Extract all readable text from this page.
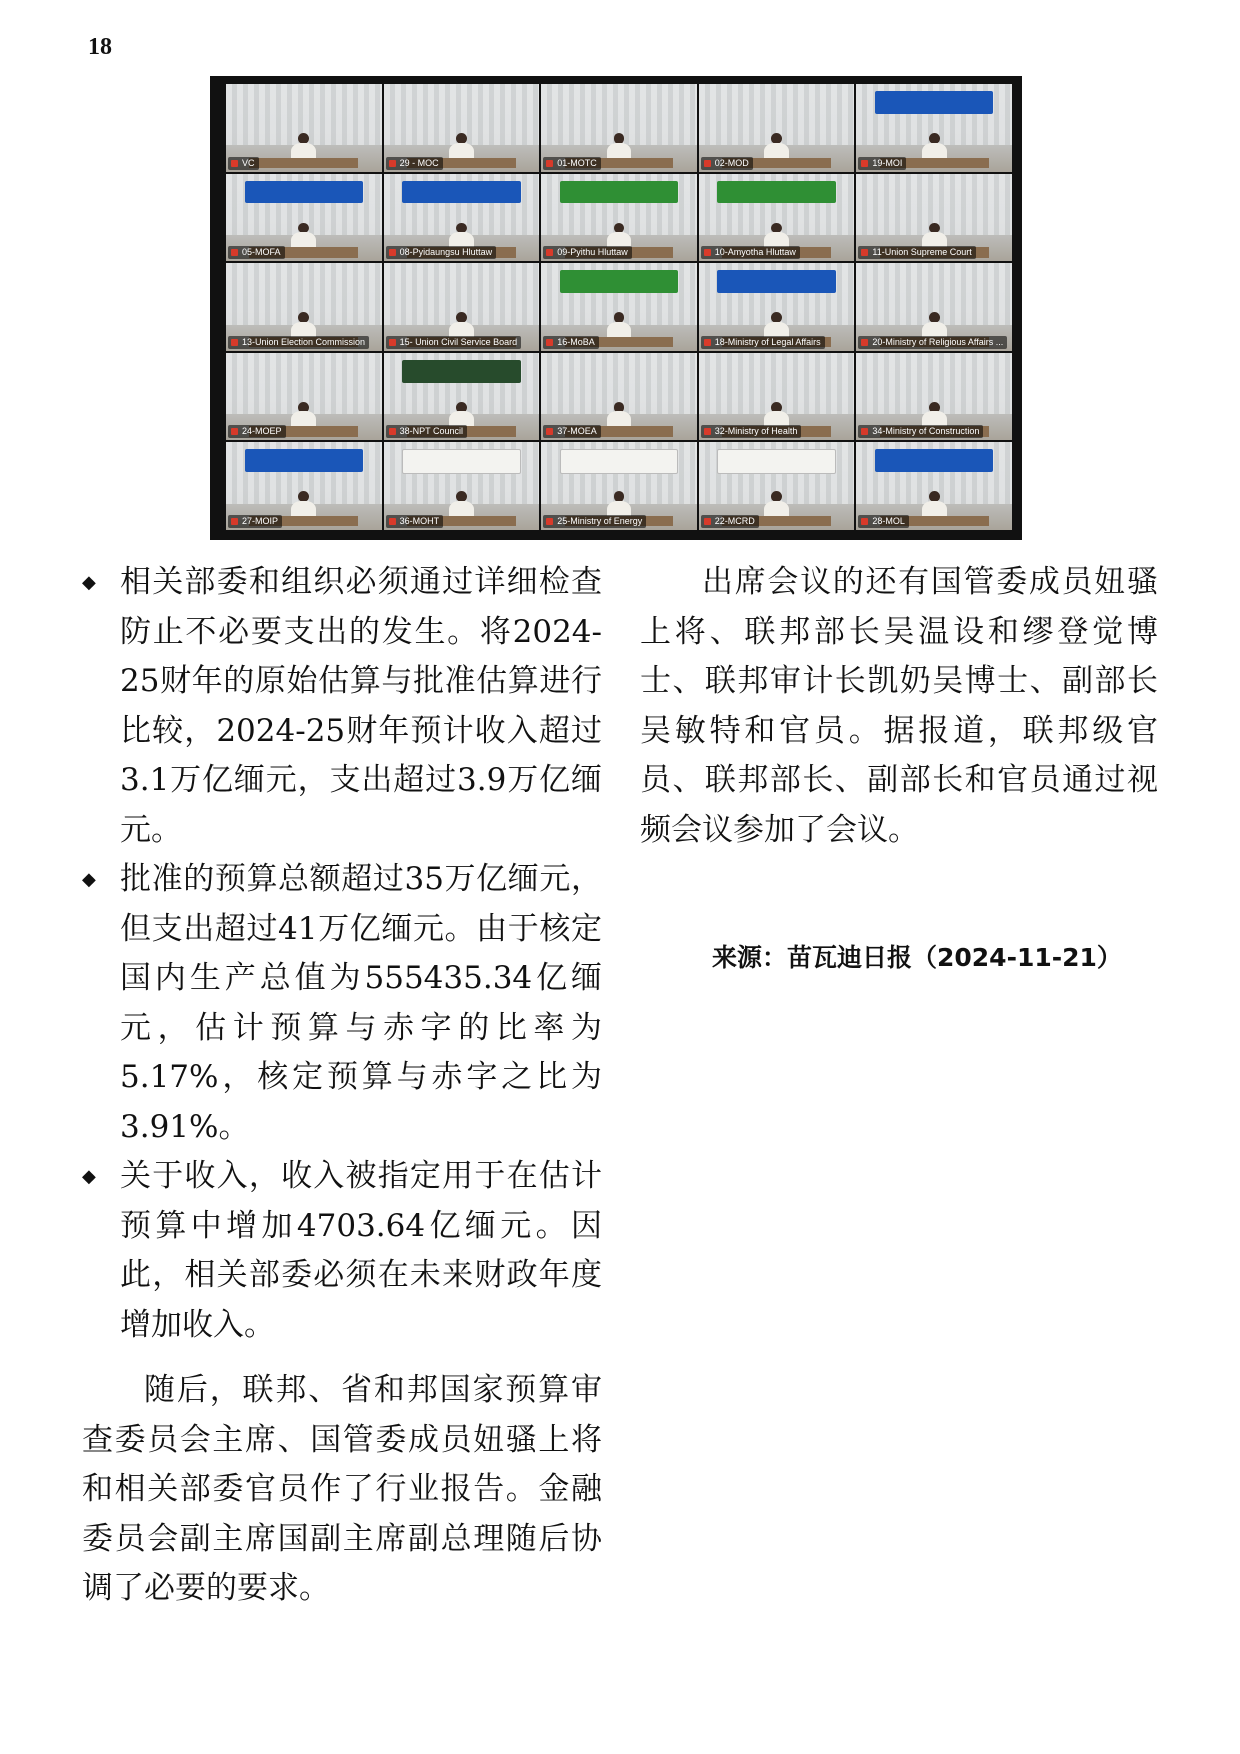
18
VC	29 - MOC	01-MOTC	02-MOD	19-MOI
05-MOFA	08-Pyidaungsu Hluttaw	09-Pyithu Hluttaw	10-Amyotha Hluttaw	11-Union Supreme Court
13-Union Election Commission	15- Union Civil Service Board	16-MoBA	18-Ministry of Legal Affairs	20-Ministry of Religious Affairs ...
24-MOEP	38-NPT Council	37-MOEA	32-Ministry of Health	34-Ministry of Construction
27-MOIP	36-MOHT	25-Ministry of Energy	22-MCRD	28-MOL

◆ 相关部委和组织必须通过详细检查防止不必要支出的发生。将2024-25财年的原始估算与批准估算进行比较，2024-25财年预计收入超过3.1万亿缅元，支出超过3.9万亿缅元。

◆ 批准的预算总额超过35万亿缅元，但支出超过41万亿缅元。由于核定国内生产总值为555435.34亿缅元，估计预算与赤字的比率为5.17%，核定预算与赤字之比为3.91%。

◆ 关于收入，收入被指定用于在估计预算中增加4703.64亿缅元。因此，相关部委必须在未来财政年度增加收入。

随后，联邦、省和邦国家预算审查委员会主席、国管委成员妞骚上将和相关部委官员作了行业报告。金融委员会副主席国副主席副总理随后协调了必要的要求。

出席会议的还有国管委成员妞骚上将、联邦部长吴温设和缪登觉博士、联邦审计长凯奶吴博士、副部长吴敏特和官员。据报道，联邦级官员、联邦部长、副部长和官员通过视频会议参加了会议。

来源：苗瓦迪日报（2024-11-21）
